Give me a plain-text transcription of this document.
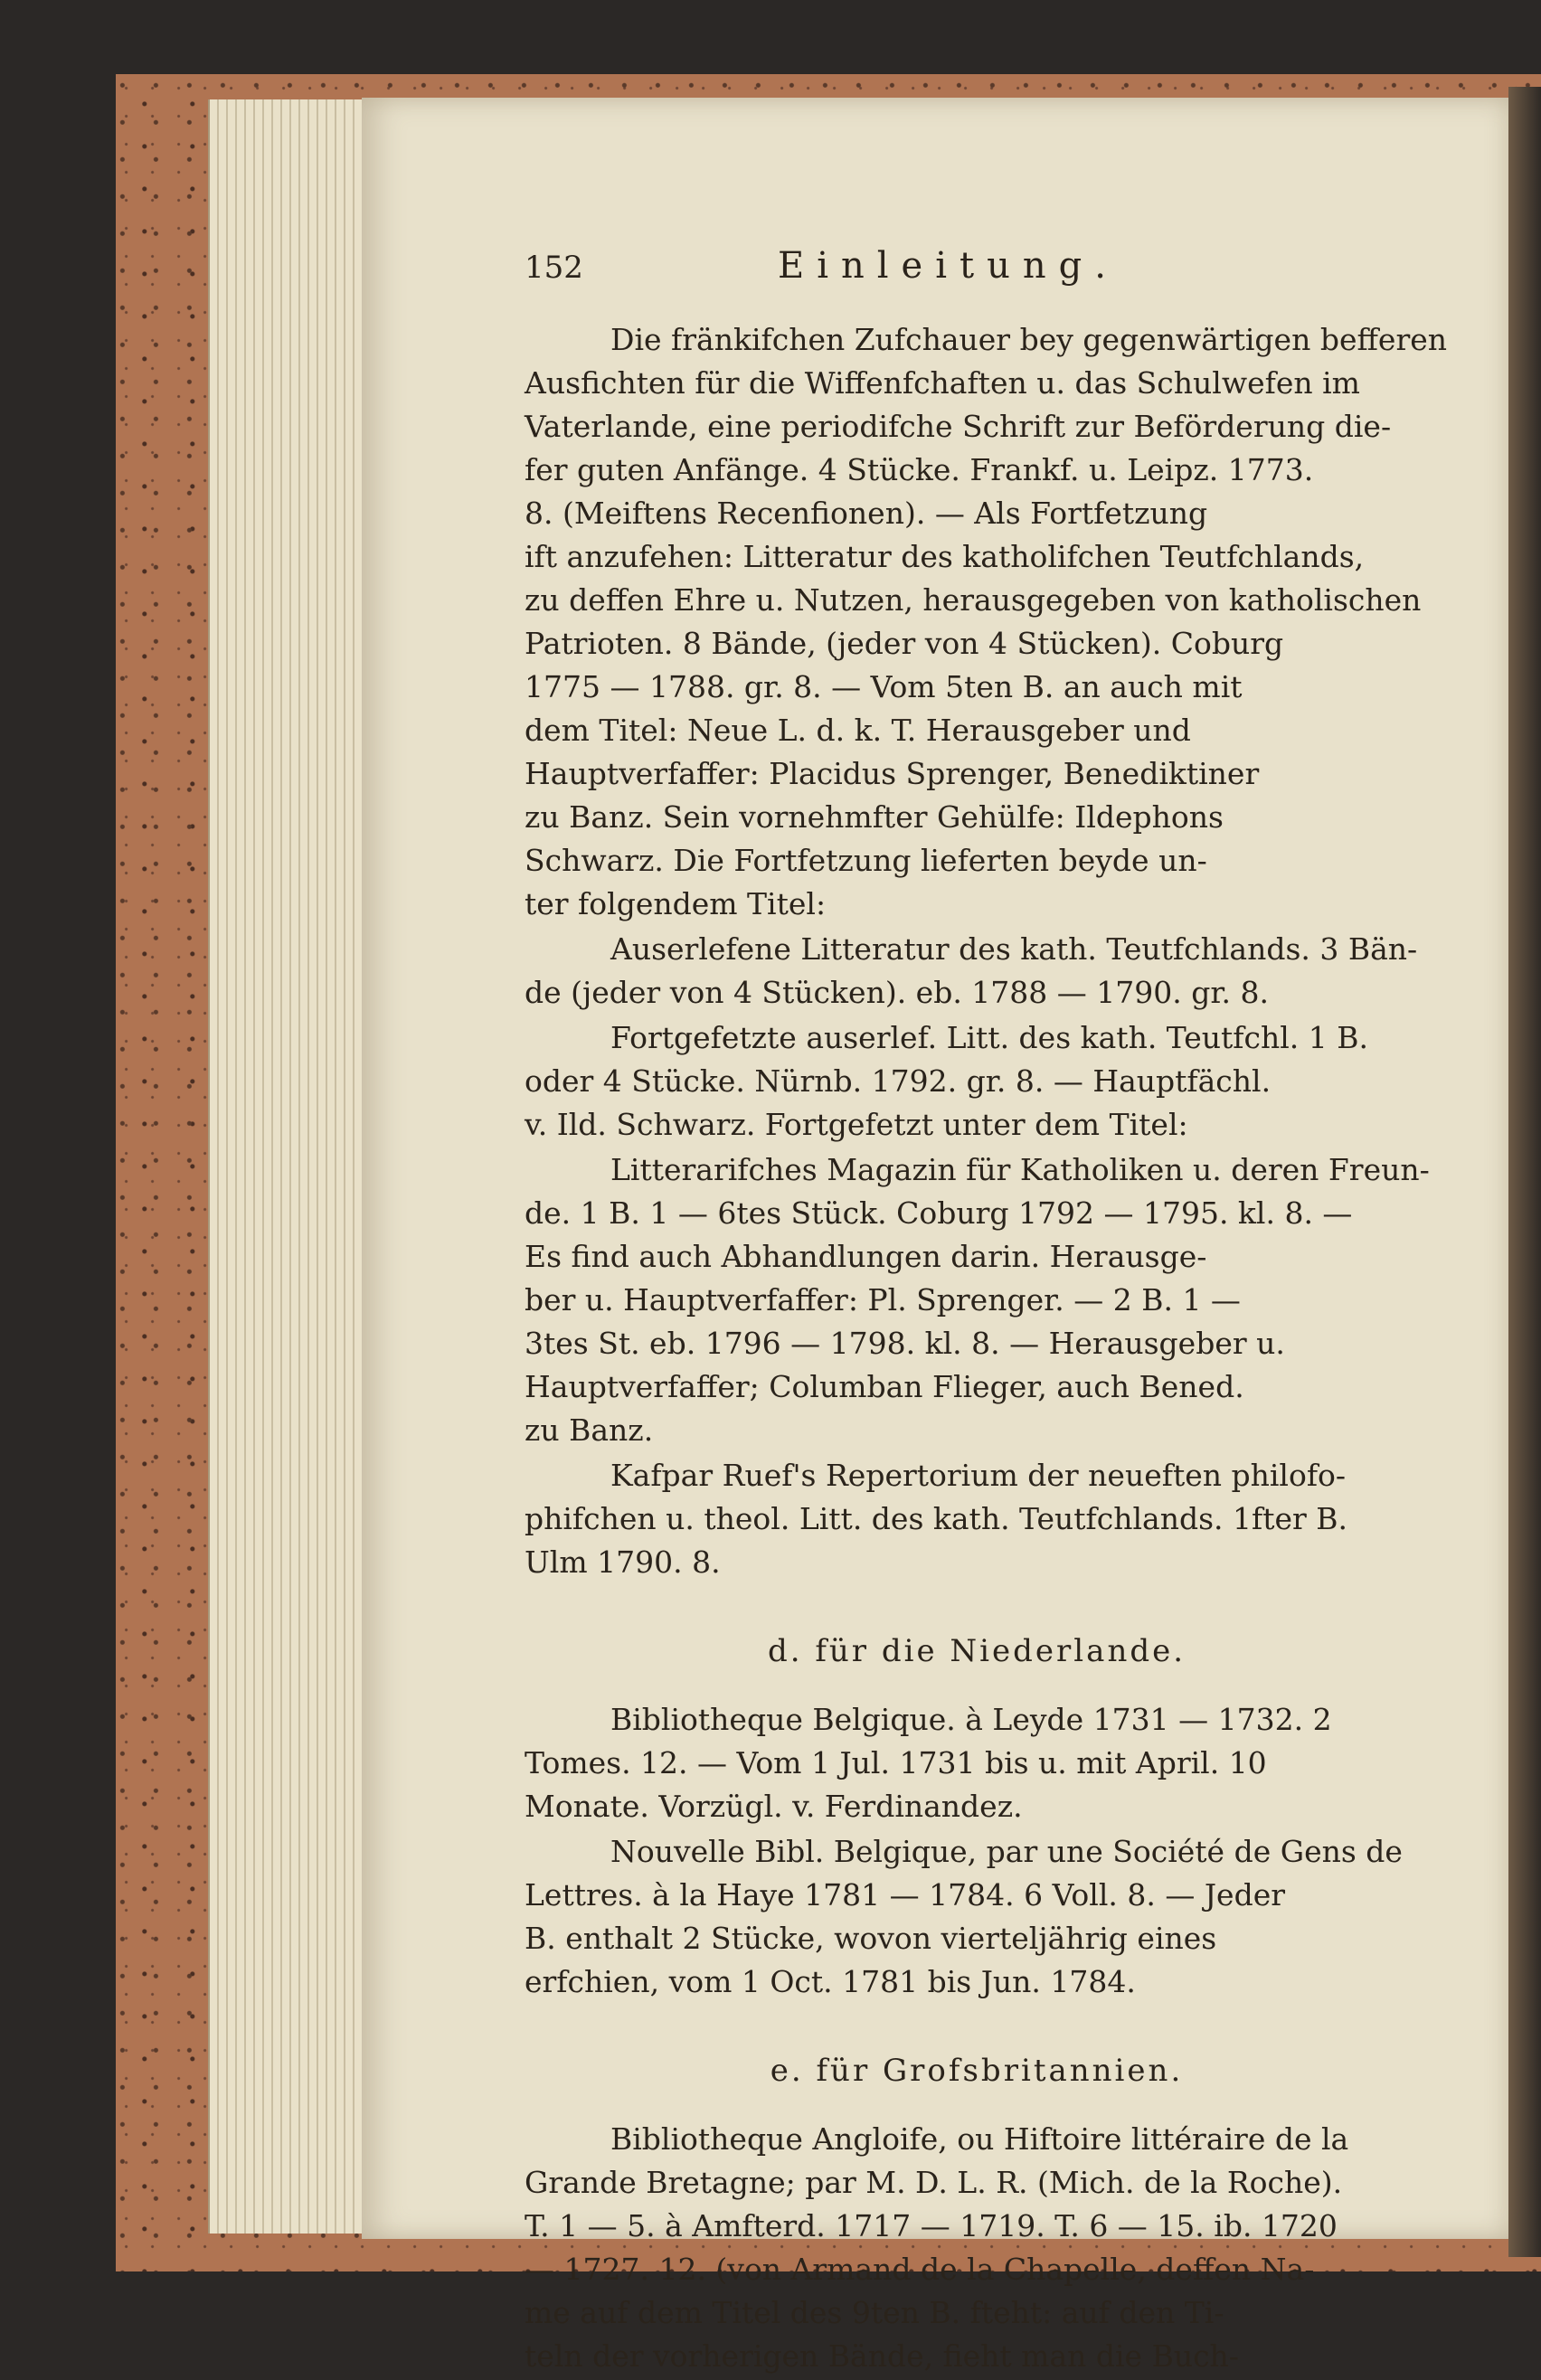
152	Einleitung.
Die fränkifchen Zufchauer bey gegenwärtigen befferen
Ausfichten für die Wiffenfchaften u. das Schulwefen im
Vaterlande, eine periodifche Schrift zur Beförderung die-
fer guten Anfänge. 4 Stücke. Frankf. u. Leipz. 1773.
8. (Meiftens Recenfionen). — Als Fortfetzung
ift anzufehen: Litteratur des katholifchen Teutfchlands,
zu deffen Ehre u. Nutzen, herausgegeben von katholischen
Patrioten. 8 Bände, (jeder von 4 Stücken). Coburg
1775 — 1788. gr. 8. — Vom 5ten B. an auch mit
dem Titel: Neue L. d. k. T. Herausgeber und
Hauptverfaffer: Placidus Sprenger, Benediktiner
zu Banz. Sein vornehmfter Gehülfe: Ildephons
Schwarz. Die Fortfetzung lieferten beyde un-
ter folgendem Titel:
Auserlefene Litteratur des kath. Teutfchlands. 3 Bän-
de (jeder von 4 Stücken). eb. 1788 — 1790. gr. 8.
Fortgefetzte auserlef. Litt. des kath. Teutfchl. 1 B.
oder 4 Stücke. Nürnb. 1792. gr. 8. — Hauptfächl.
v. Ild. Schwarz. Fortgefetzt unter dem Titel:
Litterarifches Magazin für Katholiken u. deren Freun-
de. 1 B. 1 — 6tes Stück. Coburg 1792 — 1795. kl. 8. —
Es find auch Abhandlungen darin. Herausge-
ber u. Hauptverfaffer: Pl. Sprenger. — 2 B. 1 —
3tes St. eb. 1796 — 1798. kl. 8. — Herausgeber u.
Hauptverfaffer; Columban Flieger, auch Bened.
zu Banz.
Kafpar Ruef's Repertorium der neueften philofo-
phifchen u. theol. Litt. des kath. Teutfchlands. 1fter B.
Ulm 1790. 8.
d. für die Niederlande.
Bibliotheque Belgique. à Leyde 1731 — 1732. 2
Tomes. 12. — Vom 1 Jul. 1731 bis u. mit April. 10
Monate. Vorzügl. v. Ferdinandez.
Nouvelle Bibl. Belgique, par une Société de Gens de
Lettres. à la Haye 1781 — 1784. 6 Voll. 8. — Jeder
B. enthalt 2 Stücke, wovon vierteljährig eines
erfchien, vom 1 Oct. 1781 bis Jun. 1784.
e. für Grofsbritannien.
Bibliotheque Angloife, ou Hiftoire littéraire de la
Grande Bretagne; par M. D. L. R. (Mich. de la Roche).
T. 1 — 5. à Amfterd. 1717 — 1719. T. 6 — 15. ib. 1720
— 1727. 12. (von Armand de la Chapelle, deffen Na-
me auf dem Titel des 9ten B. fteht: auf den Ti-
teln der vorherigen Bände, fieht man die Buch-
